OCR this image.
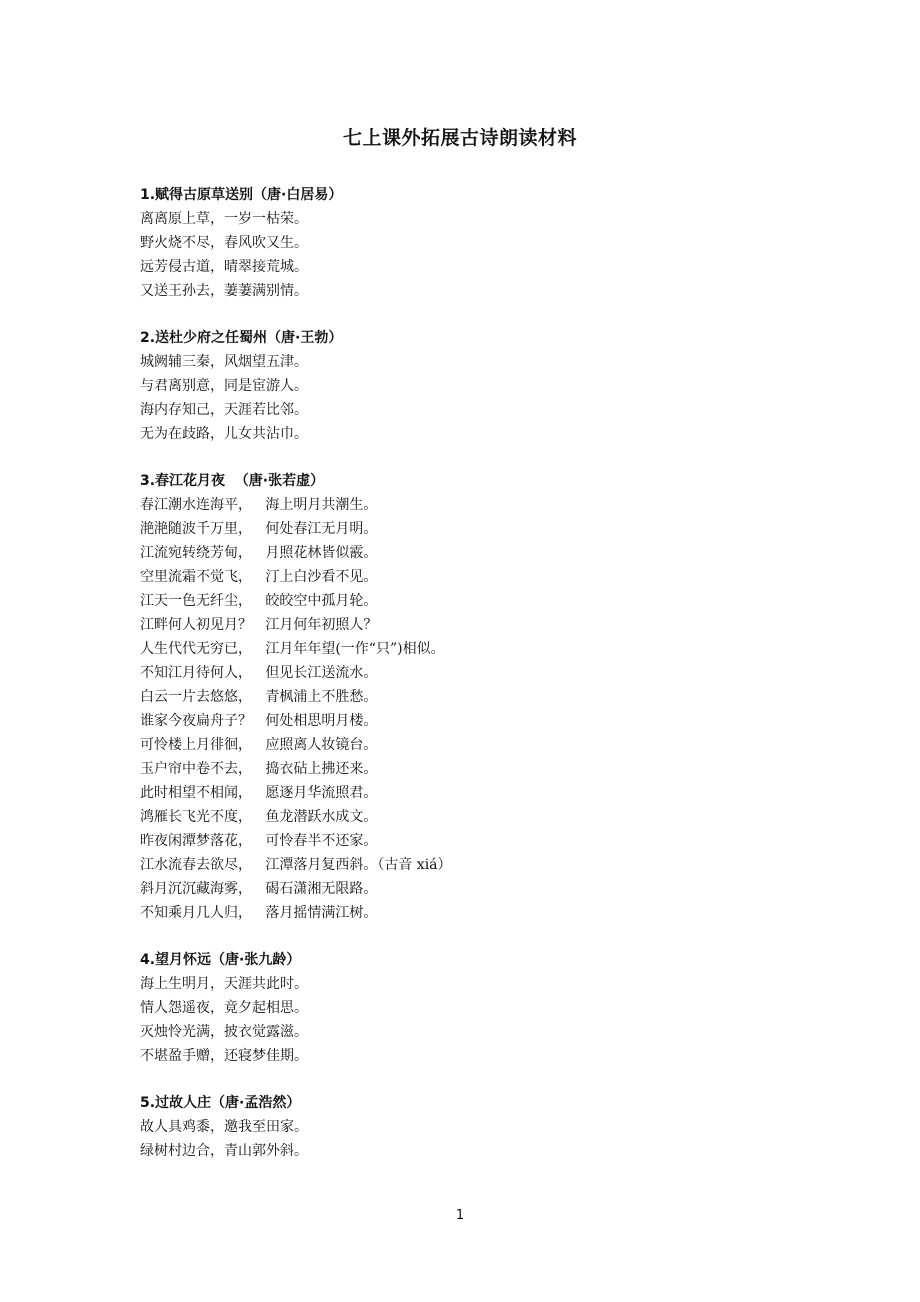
七上课外拓展古诗朗读材料
1.赋得古原草送别（唐·白居易）
离离原上草，一岁一枯荣。
野火烧不尽，春风吹又生。
远芳侵古道，晴翠接荒城。
又送王孙去，萋萋满别情。
2.送杜少府之任蜀州（唐·王勃）
城阙辅三秦，风烟望五津。
与君离别意，同是宦游人。
海内存知己，天涯若比邻。
无为在歧路，儿女共沾巾。
3.春江花月夜  （唐·张若虚）
春江潮水连海平，   海上明月共潮生。
滟滟随波千万里，   何处春江无月明。
江流宛转绕芳甸，   月照花林皆似霰。
空里流霜不觉飞，   汀上白沙看不见。
江天一色无纤尘，   皎皎空中孤月轮。
江畔何人初见月？   江月何年初照人？
人生代代无穷已，   江月年年望(一作“只”)相似。
不知江月待何人，   但见长江送流水。
白云一片去悠悠，   青枫浦上不胜愁。
谁家今夜扁舟子？   何处相思明月楼。
可怜楼上月徘徊，   应照离人妆镜台。
玉户帘中卷不去，   捣衣砧上拂还来。
此时相望不相闻，   愿逐月华流照君。
鸿雁长飞光不度，   鱼龙潜跃水成文。
昨夜闲潭梦落花，   可怜春半不还家。
江水流春去欲尽，   江潭落月复西斜。（古音 xiá）
斜月沉沉藏海雾，   碣石潇湘无限路。
不知乘月几人归，   落月摇情满江树。
4.望月怀远（唐·张九龄）
海上生明月，天涯共此时。
情人怨遥夜，竟夕起相思。
灭烛怜光满，披衣觉露滋。
不堪盈手赠，还寝梦佳期。
5.过故人庄（唐·孟浩然）
故人具鸡黍，邀我至田家。
绿树村边合，青山郭外斜。
1
